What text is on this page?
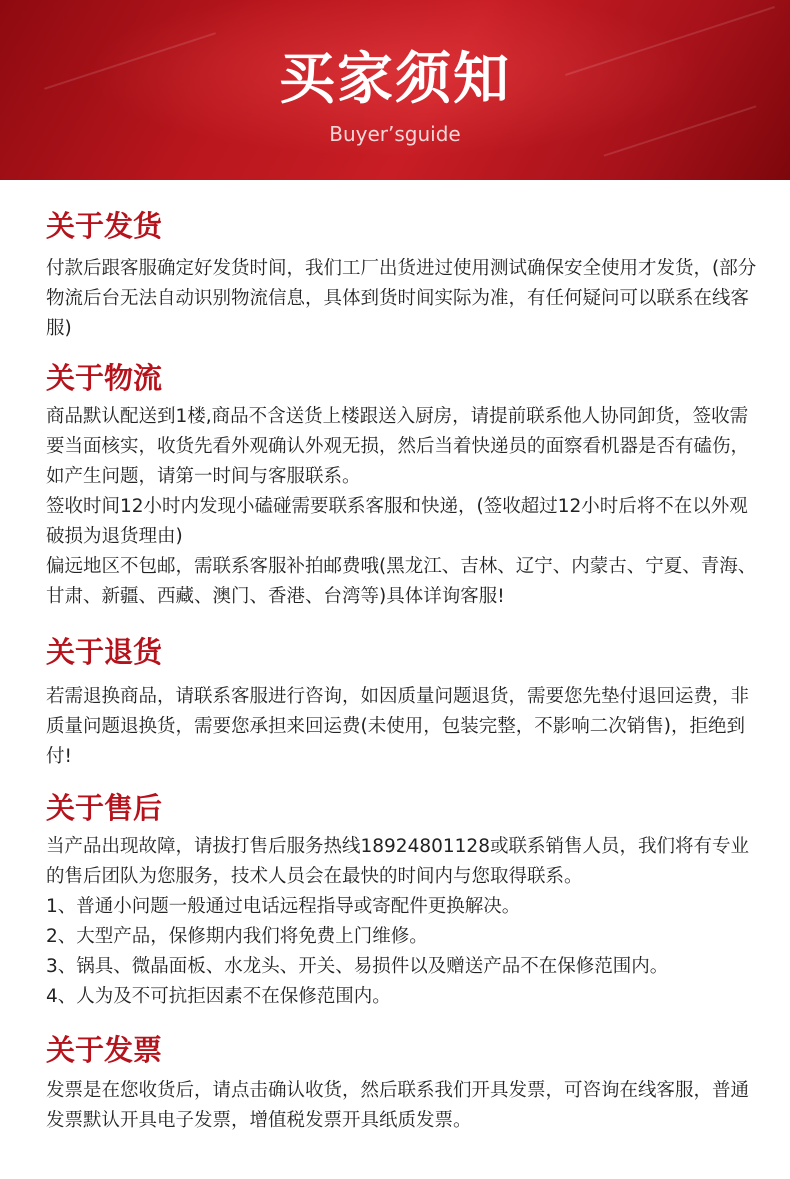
买家须知
Buyer’sguide
关于发货

付款后跟客服确定好发货时间，我们工厂出货进过使用测试确保安全使用才发货，(部分物流后台无法自动识别物流信息，具体到货时间实际为准，有任何疑问可以联系在线客服)

关于物流

商品默认配送到1楼,商品不含送货上楼跟送入厨房，请提前联系他人协同卸货，签收需要当面核实，收货先看外观确认外观无损，然后当着快递员的面察看机器是否有磕伤，如产生问题，请第一时间与客服联系。

签收时间12小时内发现小磕碰需要联系客服和快递，(签收超过12小时后将不在以外观破损为退货理由)

偏远地区不包邮，需联系客服补拍邮费哦(黑龙江、吉林、辽宁、内蒙古、宁夏、青海、甘肃、新疆、西藏、澳门、香港、台湾等)具体详询客服!

关于退货

若需退换商品，请联系客服进行咨询，如因质量问题退货，需要您先垫付退回运费，非质量问题退换货，需要您承担来回运费(未使用，包装完整，不影响二次销售)，拒绝到付!

关于售后

当产品出现故障，请拔打售后服务热线18924801128或联系销售人员，我们将有专业的售后团队为您服务，技术人员会在最快的时间内与您取得联系。

1、普通小问题一般通过电话远程指导或寄配件更换解决。

2、大型产品，保修期内我们将免费上门维修。

3、锅具、微晶面板、水龙头、开关、易损件以及赠送产品不在保修范围内。

4、人为及不可抗拒因素不在保修范围内。

关于发票

发票是在您收货后，请点击确认收货，然后联系我们开具发票，可咨询在线客服，普通发票默认开具电子发票，增值税发票开具纸质发票。
